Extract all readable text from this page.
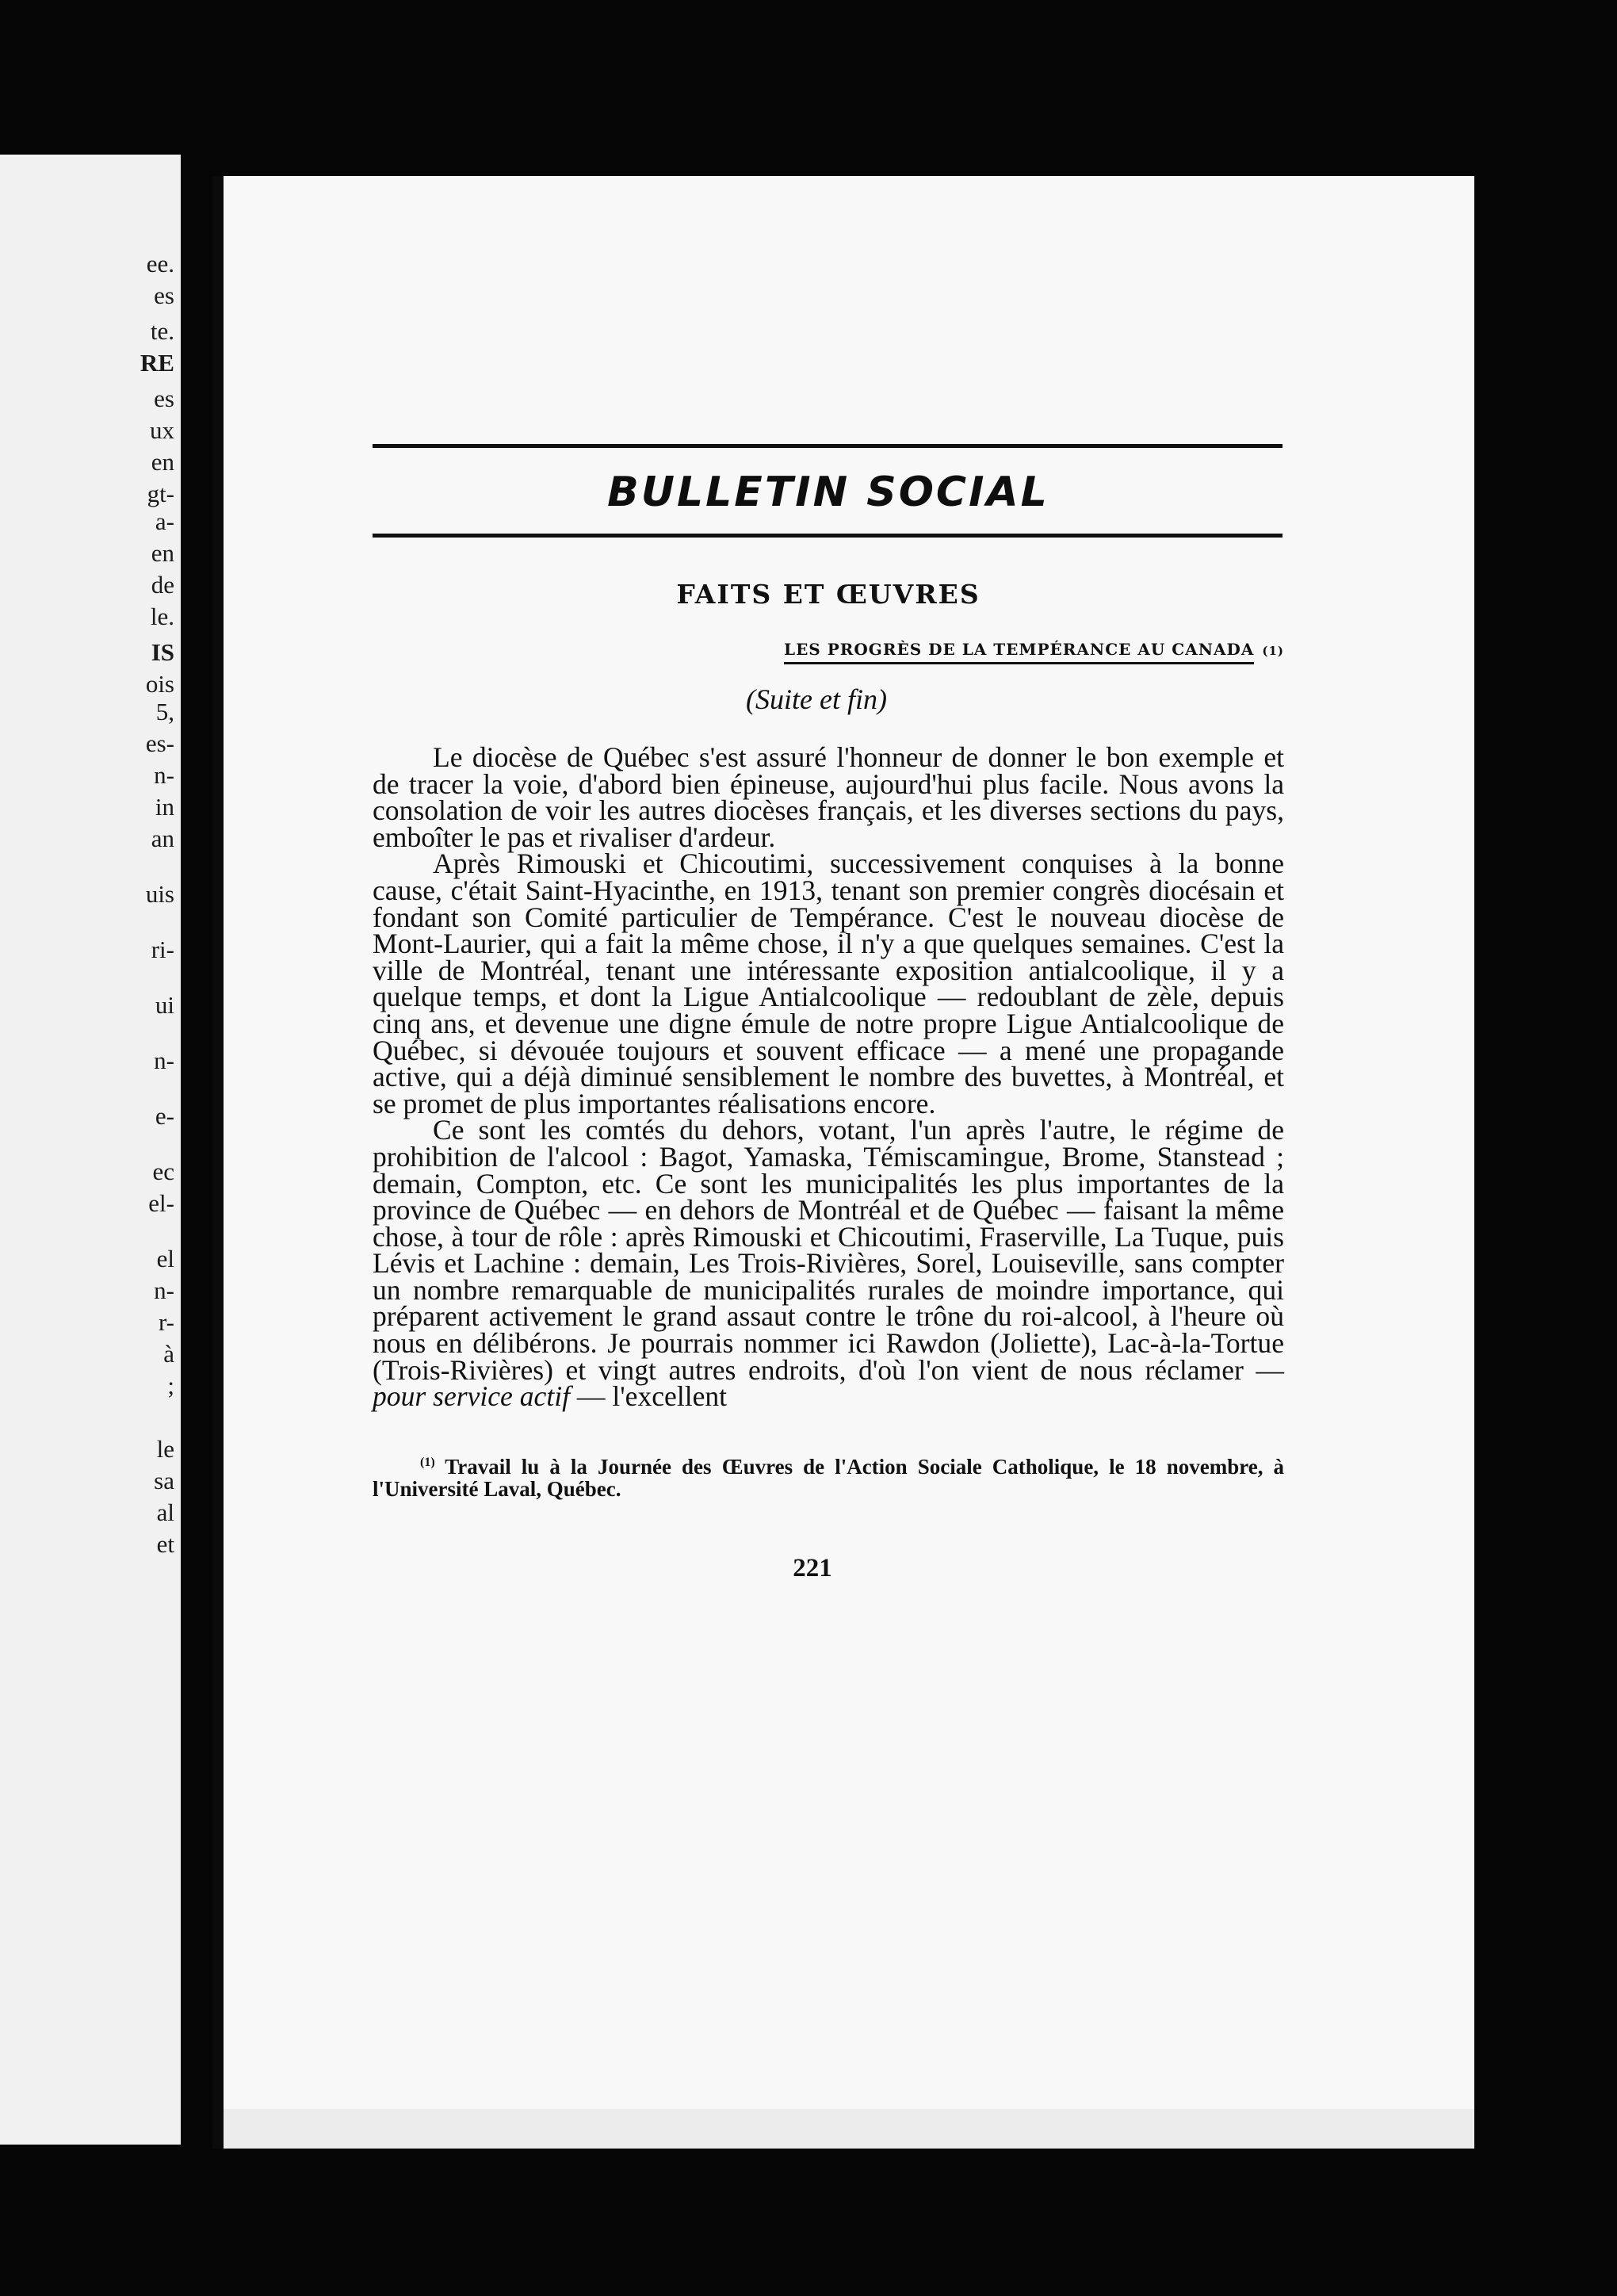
ee.
es
te.
RE
es
ux
en
gt-
a-
en
de
le.
IS
ois
5,
es-
n-
in
an
uis
ri-
ui
n-
e-
ec
el-
el
n-
r-
à
;
le
sa
al
et
BULLETIN SOCIAL
FAITS ET ŒUVRES
LES PROGRÈS DE LA TEMPÉRANCE AU CANADA (1)
(Suite et fin)

Le diocèse de Québec s'est assuré l'honneur de donner le bon exemple et de tracer la voie, d'abord bien épineuse, aujourd'hui plus facile. Nous avons la consolation de voir les autres diocèses français, et les diverses sections du pays, emboîter le pas et rivaliser d'ardeur.

Après Rimouski et Chicoutimi, successivement conquises à la bonne cause, c'était Saint-Hyacinthe, en 1913, tenant son premier congrès diocésain et fondant son Comité particulier de Tempérance. C'est le nouveau diocèse de Mont-Laurier, qui a fait la même chose, il n'y a que quelques semaines. C'est la ville de Montréal, tenant une intéressante exposition antialcoolique, il y a quelque temps, et dont la Ligue Antialcoolique — redoublant de zèle, depuis cinq ans, et devenue une digne émule de notre propre Ligue Antialcoolique de Québec, si dévouée toujours et souvent efficace — a mené une propagande active, qui a déjà diminué sensiblement le nombre des buvettes, à Montréal, et se promet de plus importantes réalisations encore.

Ce sont les comtés du dehors, votant, l'un après l'autre, le régime de prohibition de l'alcool : Bagot, Yamaska, Témiscamingue, Brome, Stanstead ; demain, Compton, etc. Ce sont les municipalités les plus importantes de la province de Québec — en dehors de Montréal et de Québec — faisant la même chose, à tour de rôle : après Rimouski et Chicoutimi, Fraserville, La Tuque, puis Lévis et Lachine : demain, Les Trois-Rivières, Sorel, Louiseville, sans compter un nombre remarquable de municipalités rurales de moindre importance, qui préparent activement le grand assaut contre le trône du roi-alcool, à l'heure où nous en délibérons. Je pourrais nommer ici Rawdon (Joliette), Lac-à-la-Tortue (Trois-Rivières) et vingt autres endroits, d'où l'on vient de nous réclamer — pour service actif — l'excellent

$^{(1)}$ Travail lu à la Journée des Œuvres de l'Action Sociale Catholique, le 18 novembre, à l'Université Laval, Québec.
221
